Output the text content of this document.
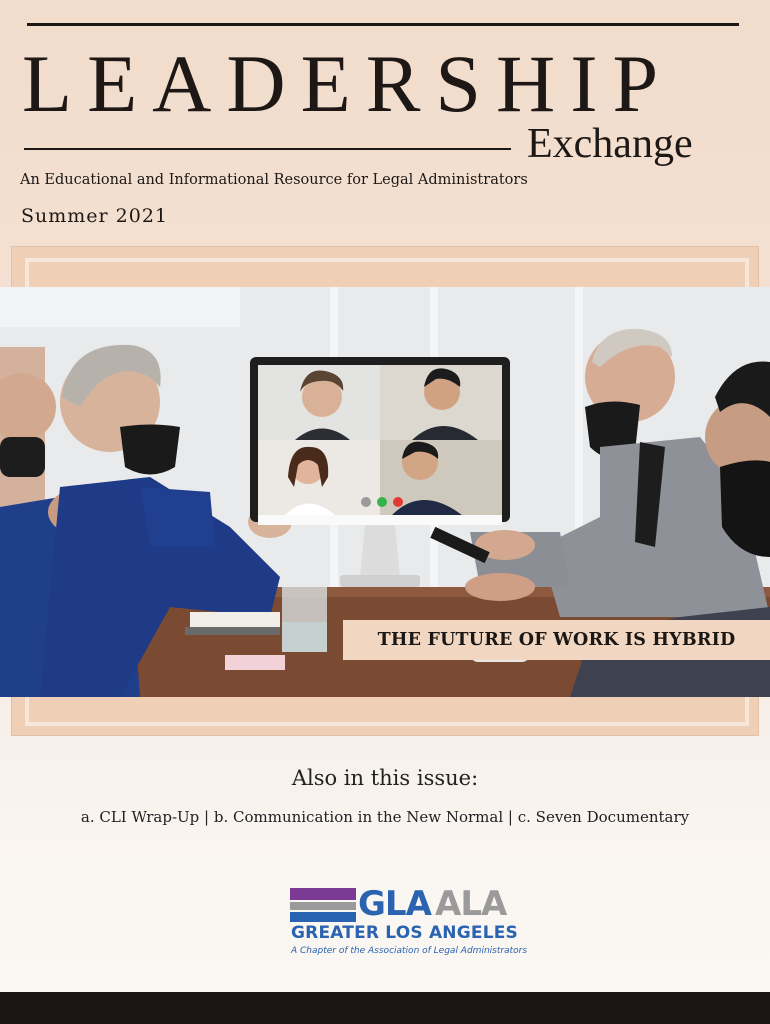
LEADERSHIP
Exchange
An Educational and Informational Resource for Legal Administrators
Summer 2021
THE FUTURE OF WORK IS HYBRID
Also in this issue:
a. CLI Wrap-Up | b. Communication in the New Normal | c. Seven Documentary
GLA ALA
GREATER LOS ANGELES
A Chapter of the Association of Legal Administrators
